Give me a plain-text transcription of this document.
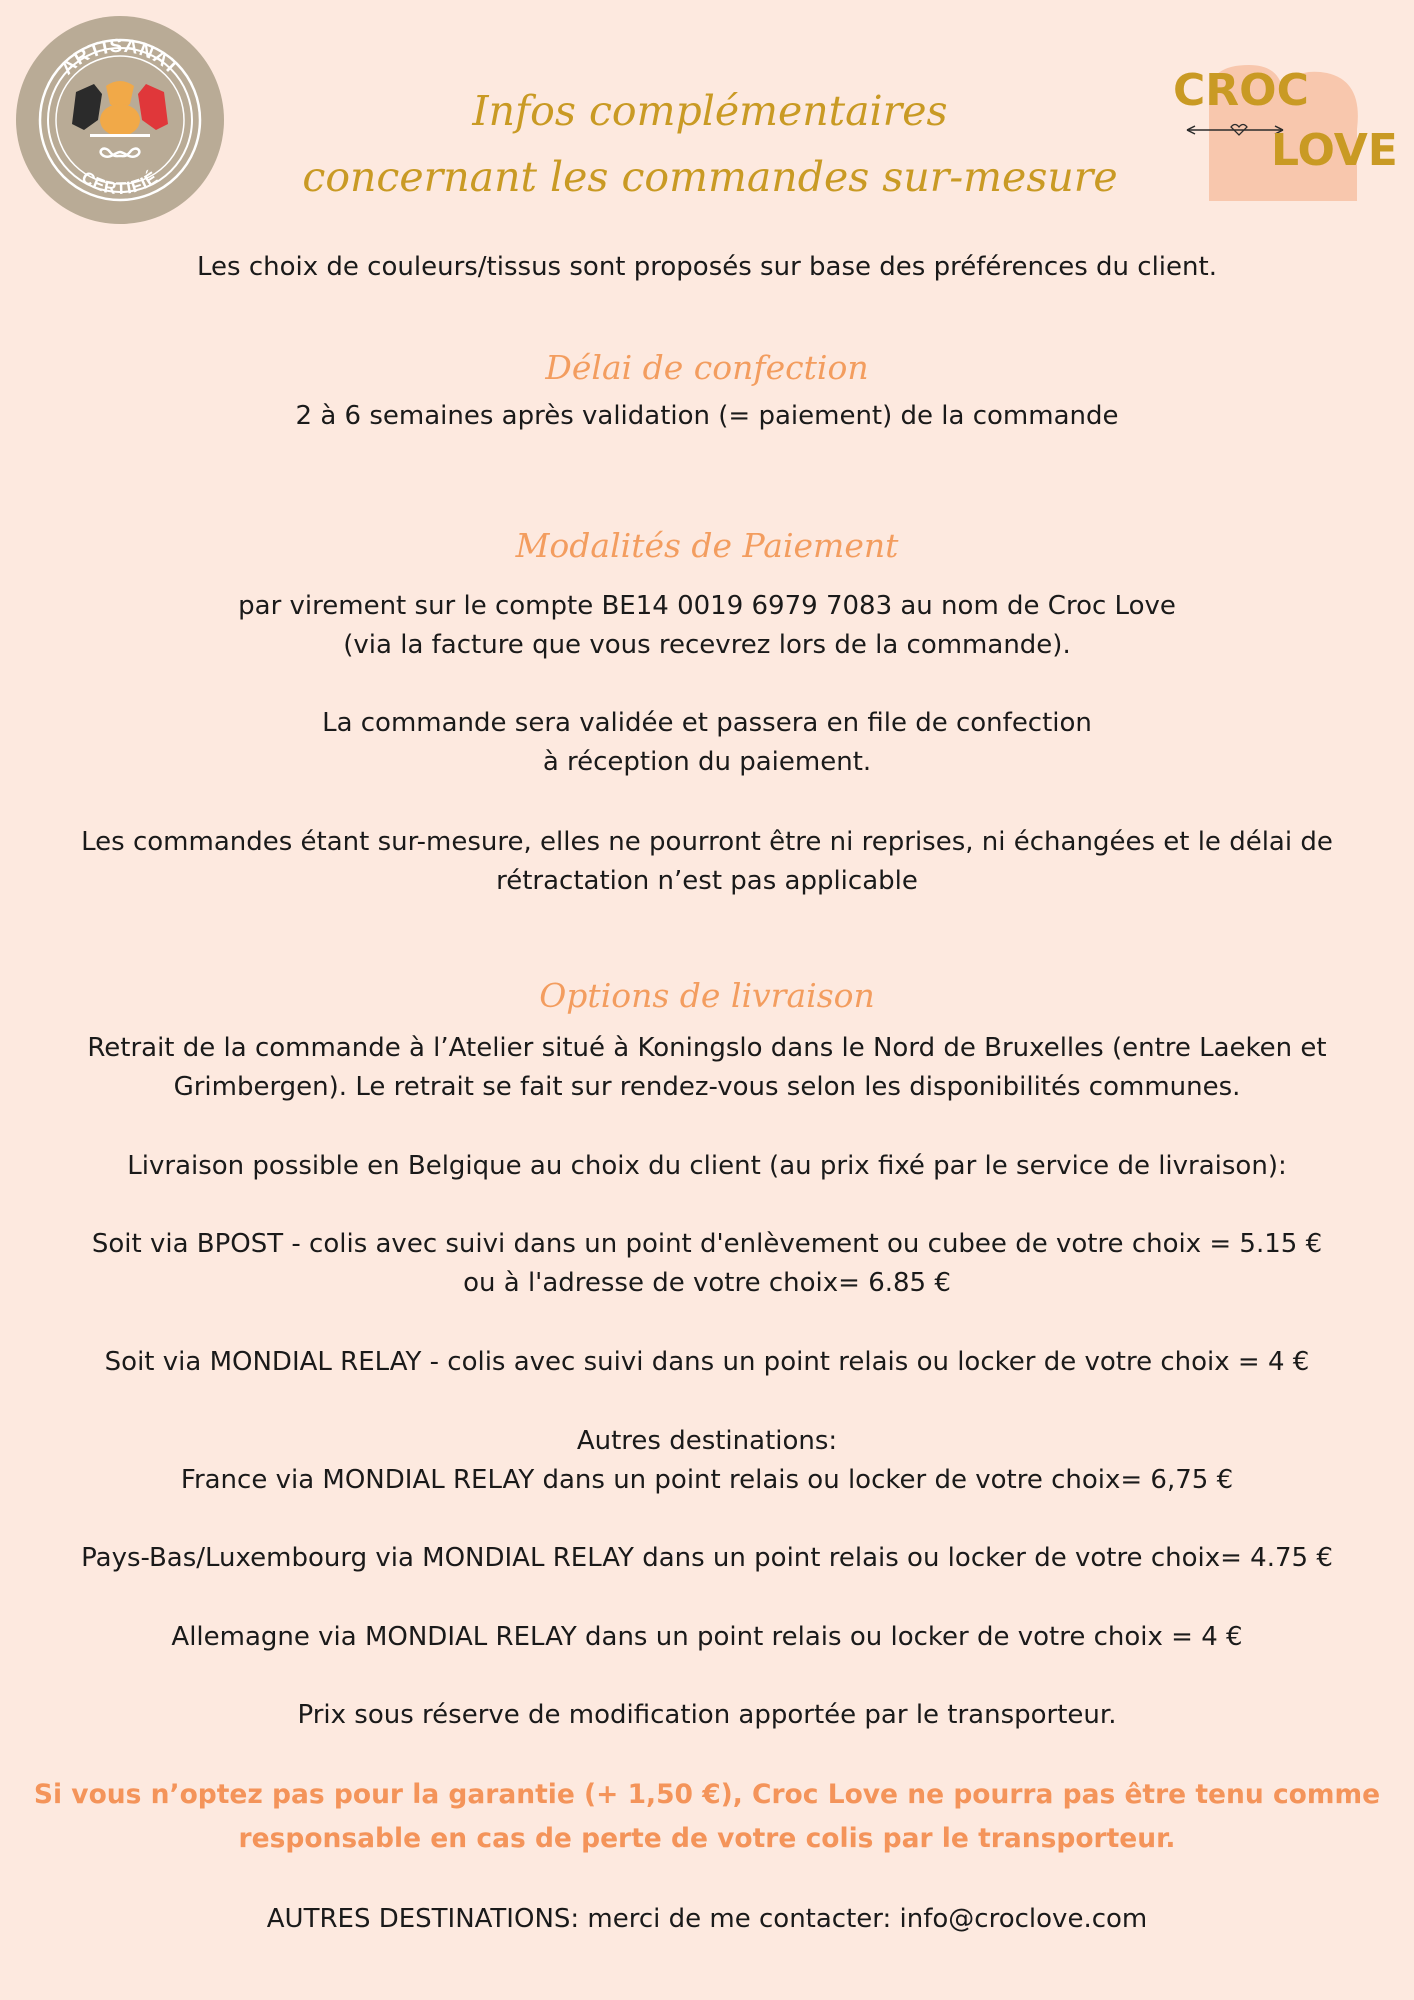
ARTISANAT
CERTIFIÉ
CROC
LOVE
Infos complémentaires
concernant les commandes sur-mesure
Les choix de couleurs/tissus sont proposés sur base des préférences du client.
Délai de confection
2 à 6 semaines après validation (= paiement) de la commande
Modalités de Paiement
par virement sur le compte BE14 0019 6979 7083 au nom de Croc Love
(via la facture que vous recevrez lors de la commande).
La commande sera validée et passera en file de confection
à réception du paiement.
Les commandes étant sur-mesure, elles ne pourront être ni reprises, ni échangées et le délai de
rétractation n’est pas applicable
Options de livraison
Retrait de la commande à l’Atelier situé à Koningslo dans le Nord de Bruxelles (entre Laeken et
Grimbergen). Le retrait se fait sur rendez-vous selon les disponibilités communes.
Livraison possible en Belgique au choix du client (au prix fixé par le service de livraison):
Soit via BPOST - colis avec suivi dans un point d'enlèvement ou cubee de votre choix = 5.15 €
ou à l'adresse de votre choix= 6.85 €
Soit via MONDIAL RELAY - colis avec suivi dans un point relais ou locker de votre choix = 4 €
Autres destinations:
France via MONDIAL RELAY dans un point relais ou locker de votre choix= 6,75 €
Pays-Bas/Luxembourg via MONDIAL RELAY dans un point relais ou locker de votre choix= 4.75 €
Allemagne via MONDIAL RELAY dans un point relais ou locker de votre choix = 4 €
Prix sous réserve de modification apportée par le transporteur.
Si vous n’optez pas pour la garantie (+ 1,50 €), Croc Love ne pourra pas être tenu comme
responsable en cas de perte de votre colis par le transporteur.
AUTRES DESTINATIONS: merci de me contacter: info@croclove.com
